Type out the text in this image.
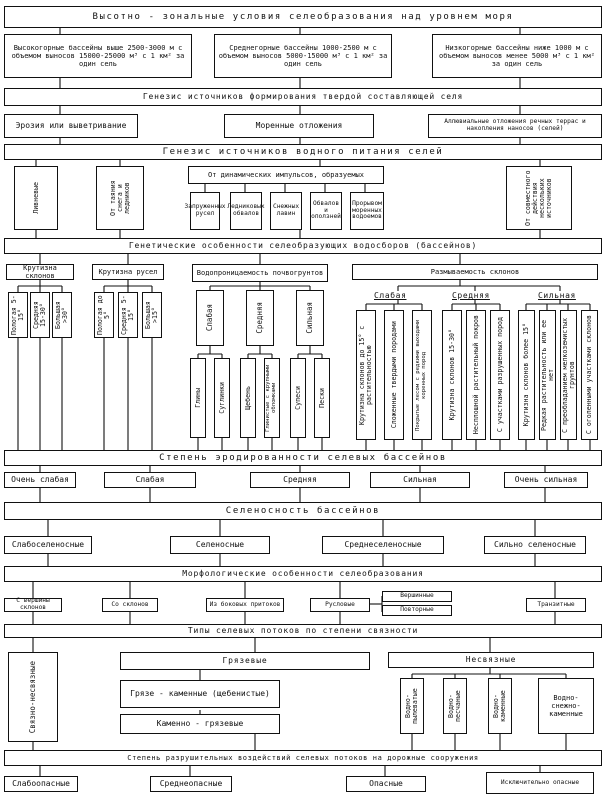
Высотно - зональные условия селеобразования над уровнем моря
Высокогорные бассейны выше 2500-3000 м с объемом выносов 15000-25000 м³ с 1 км² за один сель
Среднегорные бассейны 1000-2500 м с объемом выносов 5000-15000 м³ с 1 км² за один сель
Низкогорные бассейны ниже 1000 м с объемом выносов менее 5000 м³ с 1 км² за один сель
Генезис источников формирования твердой составляющей селя
Эрозия или выветривание	Моренные отложения	Аллювиальные отложения речных террас и накопления наносов (селей)
Генезис источников водного питания селей
Ливневые	От таяния снега и ледников
От динамических импульсов, образуемых
Запруженных русел
Ледниковых обвалов
Снежных лавин
Обвалов и оползней
Прорывом моренных водоемов	От совместного действия нескольких источников
Генетические особенности селеобразующих водосборов (бассейнов)
Крутизна склонов
Крутизна русел	Водопроницаемость почвогрунтов	Размываемость склонов
Пологая 5-15° Средняя 15-30° Большая >30°	Пологая до 5° Средняя 5-15° Большая >15°	Слабая	Средняя	Сильная
Глины Суглинки	Щебень Глинистые с крупными обломками	Супеси Пески
Слабая	Средняя	Сильная
Крутизна склонов до 15° с растительностью	Сложенные твердыми породами	Покрытые лесом с редкими выходами коренных пород	Крутизна склонов 15-30° Несплошной растительный покров С участками разрушенных пород	Крутизна склонов более 15° Редкая растительность или ее нет С преобладанием мелкоземистых грунтов С оголенными участками склонов
Степень эродированности селевых бассейнов
Очень слабая	Слабая	Средняя	Сильная	Очень сильная
Селеносность бассейнов
Слабоселеносные	Селеносные	Среднеселеносные	Сильно селеносные
Морфологические особенности селеобразования
С вершины склонов	Со склонов	Из боковых притоков	Русловые
Вершинные
Повторные
Транзитные
Типы селевых потоков по степени связности
Связно-несвязные	Грязевые
Грязе - каменные (щебенистые)
Каменно - грязевые
Несвязные
Водно-пылеватые	Водно-песчаные	Водно-каменные	Водно-снежно-каменные
Степень разрушительных воздействий селевых потоков на дорожные сооружения
Слабоопасные	Среднеопасные	Опасные	Исключительно опасные
